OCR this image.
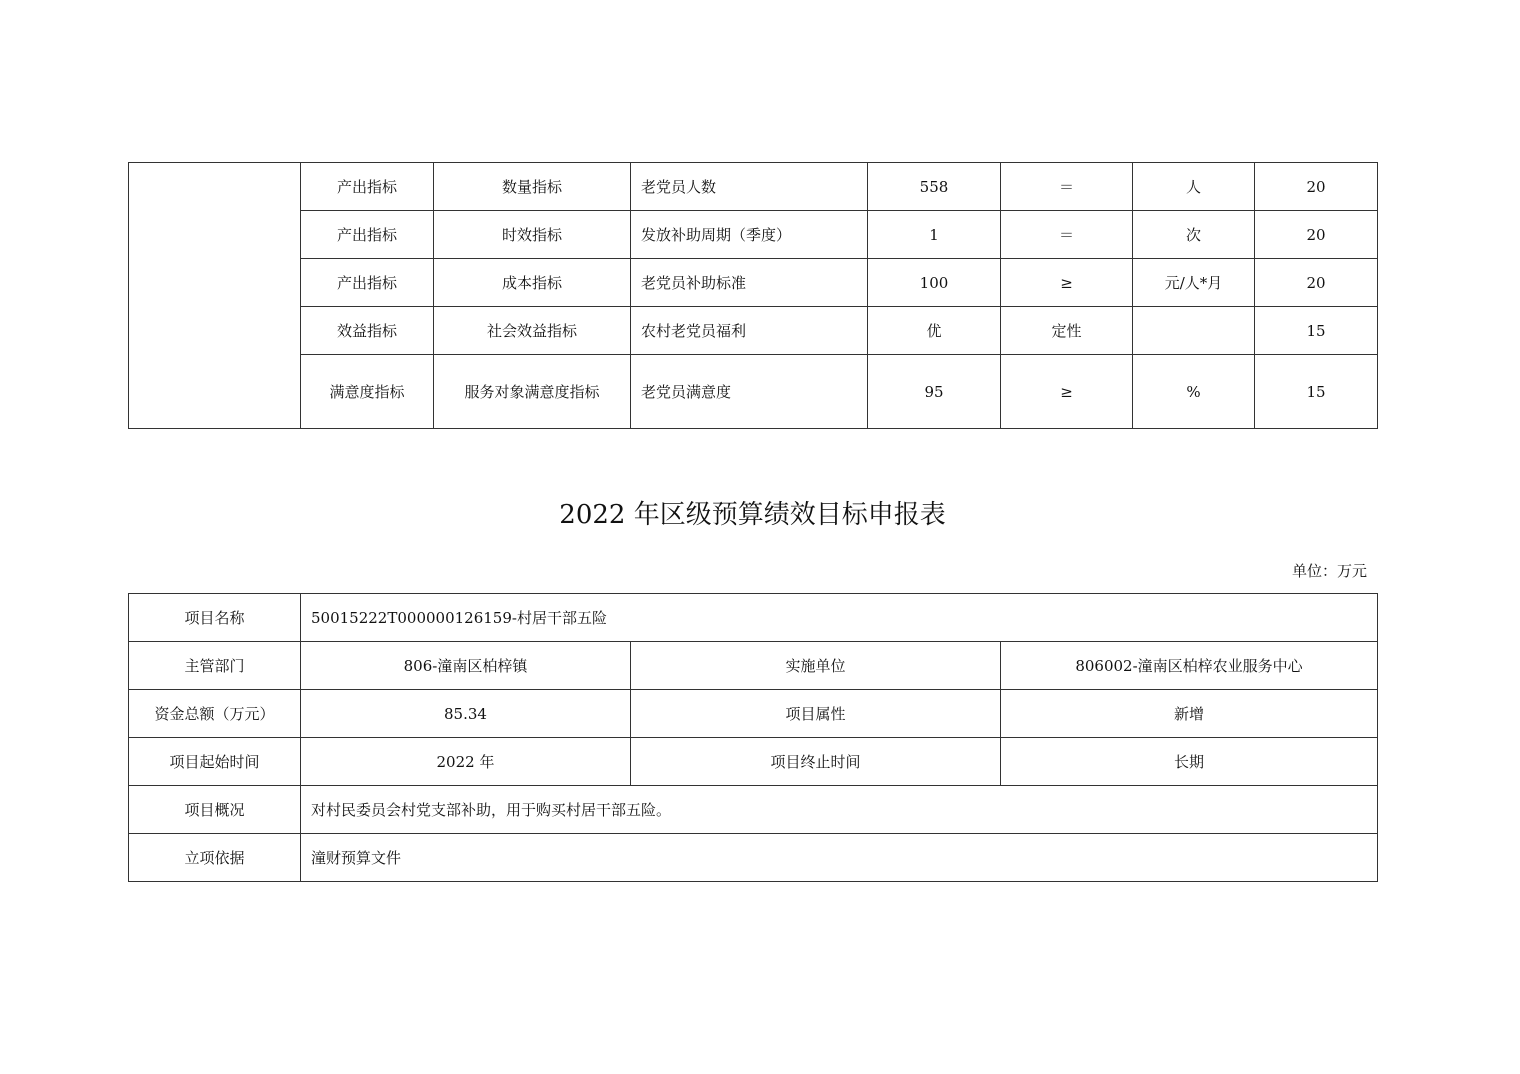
	产出指标	数量指标	老党员人数	558	＝	人	20
	产出指标	时效指标	发放补助周期（季度）	1	＝	次	20
	产出指标	成本指标	老党员补助标准	100	≥	元/人*月	20
	效益指标	社会效益指标	农村老党员福利	优	定性		15
	满意度指标	服务对象满意度指标	老党员满意度	95	≥	%	15
2022 年区级预算绩效目标申报表
单位：万元
项目名称	50015222T000000126159-村居干部五险		
主管部门	806-潼南区柏梓镇	实施单位	806002-潼南区柏梓农业服务中心
资金总额（万元）	85.34	项目属性	新增
项目起始时间	2022 年	项目终止时间	长期
项目概况	对村民委员会村党支部补助，用于购买村居干部五险。		
立项依据	潼财预算文件		
